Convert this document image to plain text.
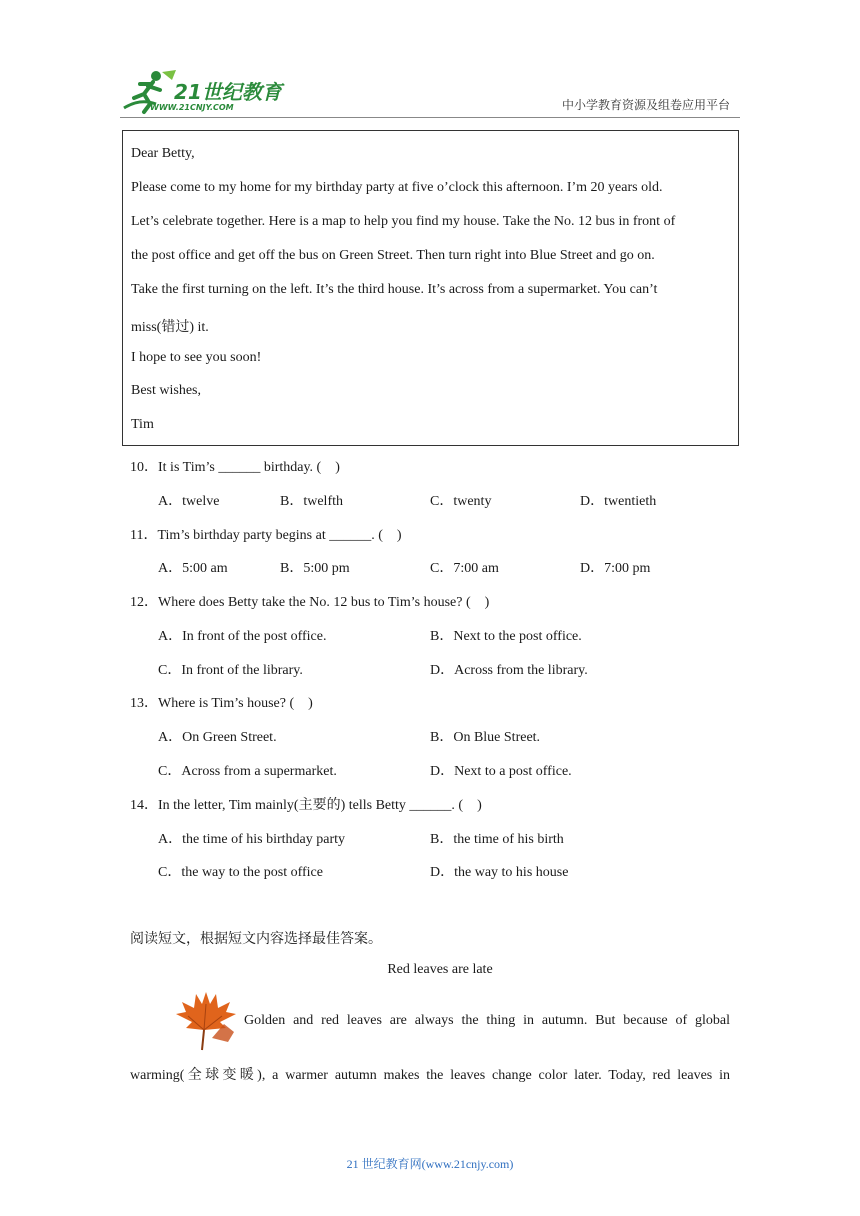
21世纪教育
WWW.21CNJY.COM	中小学教育资源及组卷应用平台
Dear Betty,
Please come to my home for my birthday party at five o’clock this afternoon. I’m 20 years old.
Let’s celebrate together. Here is a map to help you find my house. Take the No. 12 bus in front of
the post office and get off the bus on Green Street. Then turn right into Blue Street and go on.
Take the first turning on the left. It’s the third house. It’s across from a supermarket. You can’t
miss(错过) it.
I hope to see you soon!
Best wishes,
Tim
10．It is Tim’s ______ birthday. (　)
A．twelve	B．twelfth	C．twenty	D．twentieth
11．Tim’s birthday party begins at ______. (　)
A．5:00 am	B．5:00 pm	C．7:00 am	D．7:00 pm
12．Where does Betty take the No. 12 bus to Tim’s house? (　)
A．In front of the post office.	B．Next to the post office.
C．In front of the library.	D．Across from the library.
13．Where is Tim’s house? (　)
A．On Green Street.	B．On Blue Street.
C．Across from a supermarket.	D．Next to a post office.
14．In the letter, Tim mainly(主要的) tells Betty ______. (　)
A．the time of his birthday party	B．the time of his birth
C．the way to the post office	D．the way to his house
阅读短文，根据短文内容选择最佳答案。
Red leaves are late
Golden and red leaves are always the thing in autumn. But because of global
warming(全球变暖), a warmer autumn makes the leaves change color later. Today, red leaves in
21 世纪教育网(www.21cnjy.com)
